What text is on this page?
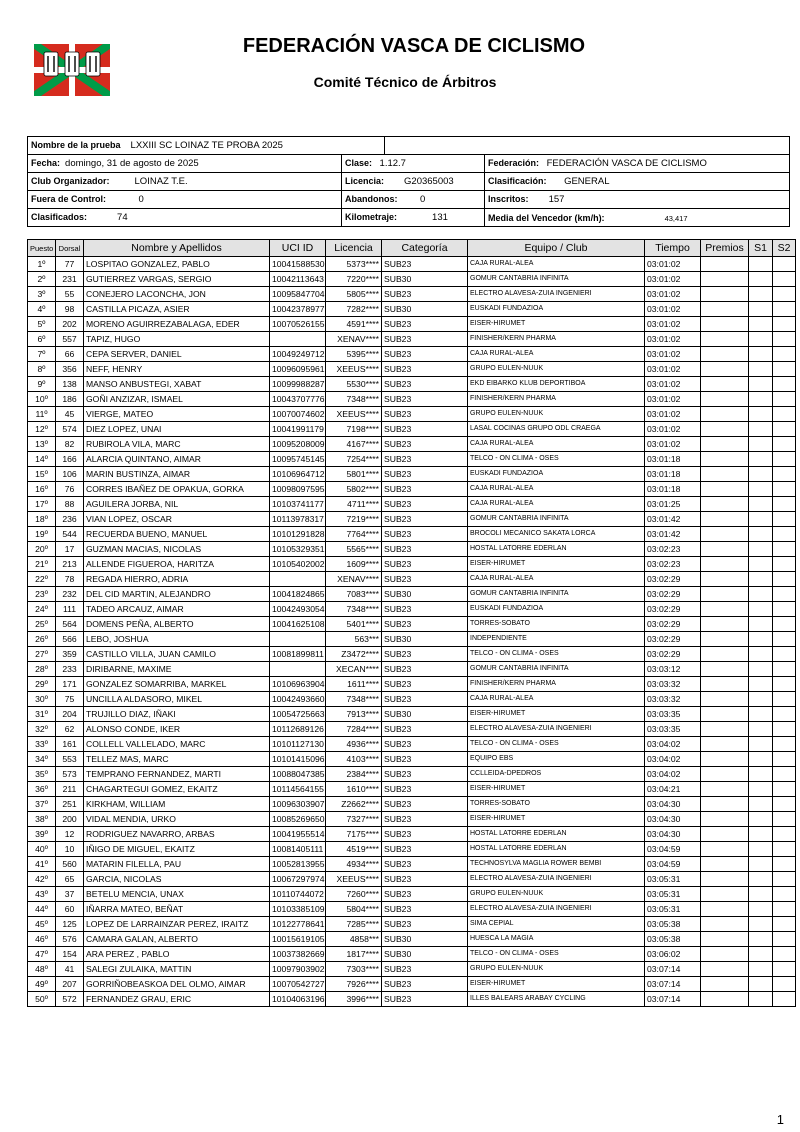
FEDERACIÓN VASCA DE CICLISMO
Comité Técnico de Árbitros
Nombre de la prueba LXXIII SC LOINAZ TE PROBA 2025			
Fecha: domingo, 31 de agosto de 2025	Clase: 1.12.7		Federación: FEDERACIÓN VASCA DE CICLISMO
Club Organizador: LOINAZ T.E.	Licencia: G20365003		Clasificación: GENERAL
Fuera de Control: 0	Abandonos: 0		Inscritos: 157
Clasificados: 74	Kilometraje: 131		Media del Vencedor (km/h): 43,417
Puesto	Dorsal	Nombre y Apellidos	UCI ID	Licencia	Categoría	Equipo / Club	Tiempo	Premios	S1	S2
1º	77	LOSPITAO GONZALEZ, PABLO	10041588530	5373****	SUB23	CAJA RURAL-ALEA	03:01:02			
2º	231	GUTIERREZ VARGAS, SERGIO	10042113643	7220****	SUB30	GOMUR CANTABRIA INFINITA	03:01:02			
3º	55	CONEJERO LACONCHA, JON	10095847704	5805****	SUB23	ELECTRO ALAVESA-ZUIA INGENIERI	03:01:02			
4º	98	CASTILLA PICAZA, ASIER	10042378977	7282****	SUB30	EUSKADI FUNDAZIOA	03:01:02			
5º	202	MORENO AGUIRREZABALAGA, EDER	10070526155	4591****	SUB23	EISER-HIRUMET	03:01:02			
6º	557	TAPIZ, HUGO		XENAV****	SUB23	FINISHER/KERN PHARMA	03:01:02			
7º	66	CEPA SERVER, DANIEL	10049249712	5395****	SUB23	CAJA RURAL-ALEA	03:01:02			
8º	356	NEFF, HENRY	10096095961	XEEUS****	SUB23	GRUPO EULEN-NUUK	03:01:02			
9º	138	MANSO ANBUSTEGI, XABAT	10099988287	5530****	SUB23	EKD EIBARKO KLUB DEPORTIBOA	03:01:02			
10º	186	GOÑI ANZIZAR, ISMAEL	10043707776	7348****	SUB23	FINISHER/KERN PHARMA	03:01:02			
11º	45	VIERGE, MATEO	10070074602	XEEUS****	SUB23	GRUPO EULEN-NUUK	03:01:02			
12º	574	DIEZ LOPEZ, UNAI	10041991179	7198****	SUB23	LASAL COCINAS GRUPO ODL CRAEGA	03:01:02			
13º	82	RUBIROLA VILA, MARC	10095208009	4167****	SUB23	CAJA RURAL-ALEA	03:01:02			
14º	166	ALARCIA QUINTANO, AIMAR	10095745145	7254****	SUB23	TELCO - ON CLIMA - OSES	03:01:18			
15º	106	MARIN BUSTINZA, AIMAR	10106964712	5801****	SUB23	EUSKADI FUNDAZIOA	03:01:18			
16º	76	CORRES IBAÑEZ DE OPAKUA, GORKA	10098097595	5802****	SUB23	CAJA RURAL-ALEA	03:01:18			
17º	88	AGUILERA JORBA, NIL	10103741177	4711****	SUB23	CAJA RURAL-ALEA	03:01:25			
18º	236	VIAN LOPEZ, OSCAR	10113978317	7219****	SUB23	GOMUR CANTABRIA INFINITA	03:01:42			
19º	544	RECUERDA BUENO, MANUEL	10101291828	7764****	SUB23	BROCOLI MECANICO SAKATA LORCA	03:01:42			
20º	17	GUZMAN MACIAS, NICOLAS	10105329351	5565****	SUB23	HOSTAL LATORRE EDERLAN	03:02:23			
21º	213	ALLENDE FIGUEROA, HARITZA	10105402002	1609****	SUB23	EISER-HIRUMET	03:02:23			
22º	78	REGADA HIERRO, ADRIA		XENAV****	SUB23	CAJA RURAL-ALEA	03:02:29			
23º	232	DEL CID MARTIN, ALEJANDRO	10041824865	7083****	SUB30	GOMUR CANTABRIA INFINITA	03:02:29			
24º	111	TADEO ARCAUZ, AIMAR	10042493054	7348****	SUB23	EUSKADI FUNDAZIOA	03:02:29			
25º	564	DOMENS PEÑA, ALBERTO	10041625108	5401****	SUB23	TORRES-SOBATO	03:02:29			
26º	566	LEBO, JOSHUA		563***	SUB30	INDEPENDIENTE	03:02:29			
27º	359	CASTILLO VILLA, JUAN CAMILO	10081899811	Z3472****	SUB23	TELCO - ON CLIMA - OSES	03:02:29			
28º	233	DIRIBARNE, MAXIME		XECAN****	SUB23	GOMUR CANTABRIA INFINITA	03:03:12			
29º	171	GONZALEZ SOMARRIBA, MARKEL	10106963904	1611****	SUB23	FINISHER/KERN PHARMA	03:03:32			
30º	75	UNCILLA ALDASORO, MIKEL	10042493660	7348****	SUB23	CAJA RURAL-ALEA	03:03:32			
31º	204	TRUJILLO DIAZ, IÑAKI	10054725663	7913****	SUB30	EISER-HIRUMET	03:03:35			
32º	62	ALONSO CONDE, IKER	10112689126	7284****	SUB23	ELECTRO ALAVESA-ZUIA INGENIERI	03:03:35			
33º	161	COLLELL VALLELADO, MARC	10101127130	4936****	SUB23	TELCO - ON CLIMA - OSES	03:04:02			
34º	553	TELLEZ MAS, MARC	10101415096	4103****	SUB23	EQUIPO EBS	03:04:02			
35º	573	TEMPRANO FERNANDEZ, MARTI	10088047385	2384****	SUB23	CCLLEIDA-DPEDROS	03:04:02			
36º	211	CHAGARTEGUI GOMEZ, EKAITZ	10114564155	1610****	SUB23	EISER-HIRUMET	03:04:21			
37º	251	KIRKHAM, WILLIAM	10096303907	Z2662****	SUB23	TORRES-SOBATO	03:04:30			
38º	200	VIDAL MENDIA, URKO	10085269650	7327****	SUB23	EISER-HIRUMET	03:04:30			
39º	12	RODRIGUEZ NAVARRO, ARBAS	10041955514	7175****	SUB23	HOSTAL LATORRE EDERLAN	03:04:30			
40º	10	IÑIGO DE MIGUEL, EKAITZ	10081405111	4519****	SUB23	HOSTAL LATORRE EDERLAN	03:04:59			
41º	560	MATARIN FILELLA, PAU	10052813955	4934****	SUB23	TECHNOSYLVA MAGLIA ROWER BEMBI	03:04:59			
42º	65	GARCIA, NICOLAS	10067297974	XEEUS****	SUB23	ELECTRO ALAVESA-ZUIA INGENIERI	03:05:31			
43º	37	BETELU MENCIA, UNAX	10110744072	7260****	SUB23	GRUPO EULEN-NUUK	03:05:31			
44º	60	IÑARRA MATEO, BEÑAT	10103385109	5804****	SUB23	ELECTRO ALAVESA-ZUIA INGENIERI	03:05:31			
45º	125	LOPEZ DE LARRAINZAR PEREZ, IRAITZ	10122778641	7285****	SUB23	SIMA CEPIAL	03:05:38			
46º	576	CAMARA GALAN, ALBERTO	10015619105	4858***	SUB30	HUESCA LA MAGIA	03:05:38			
47º	154	ARA PEREZ , PABLO	10037382669	1817****	SUB30	TELCO - ON CLIMA - OSES	03:06:02			
48º	41	SALEGI ZULAIKA, MATTIN	10097903902	7303****	SUB23	GRUPO EULEN-NUUK	03:07:14			
49º	207	GORRIÑOBEASKOA DEL OLMO, AIMAR	10070542727	7926****	SUB23	EISER-HIRUMET	03:07:14			
50º	572	FERNANDEZ GRAU, ERIC	10104063196	3996****	SUB23	ILLES BALEARS ARABAY CYCLING	03:07:14			
1
